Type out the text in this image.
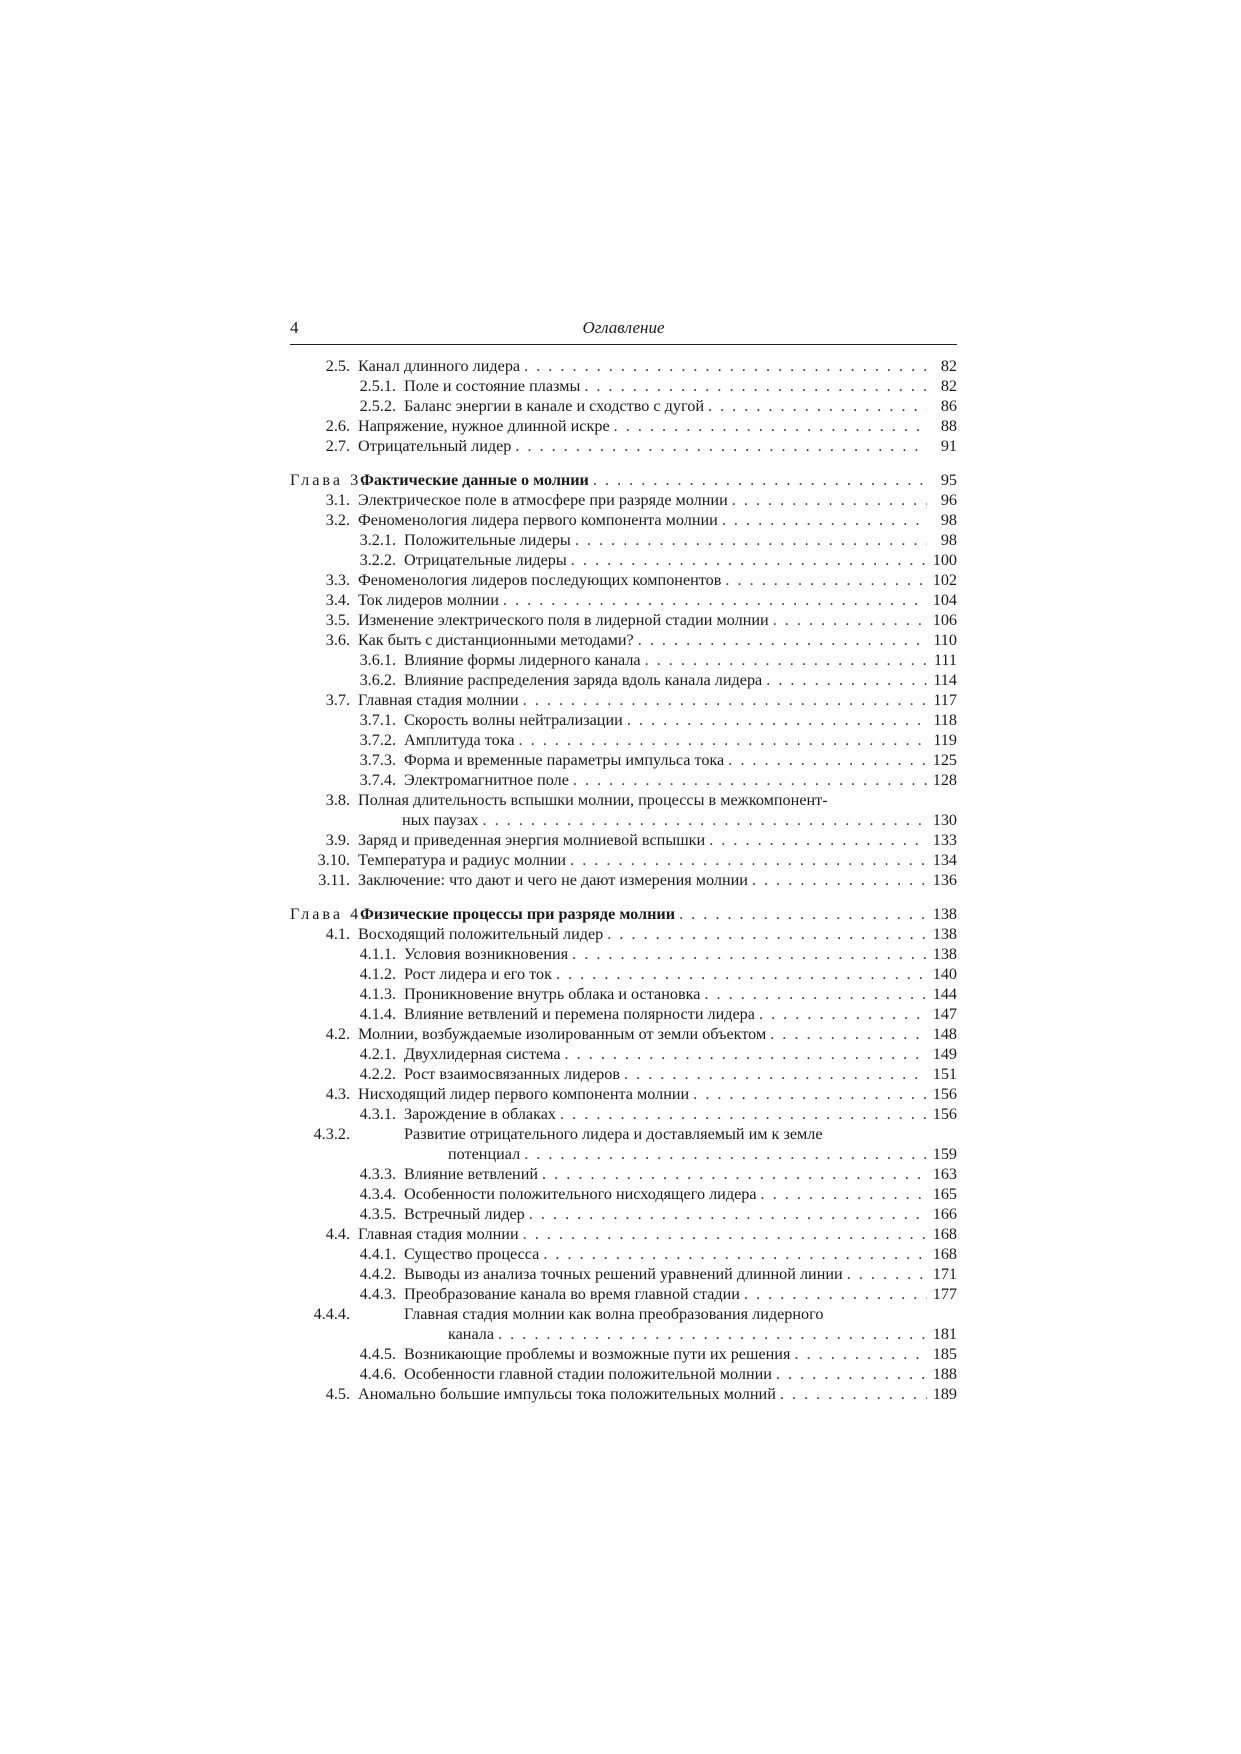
4	Оглавление
2.5. Канал длинного лидера . . .	82
2.5.1. Поле и состояние плазмы . . .	82
2.5.2. Баланс энергии в канале и сходство с дугой . . .	86
2.6. Напряжение, нужное длинной искре . . .	88
2.7. Отрицательный лидер . . .	91
Глава 3.
Фактические данные о молнии . . .	95
3.1. Электрическое поле в атмосфере при разряде молнии . . .	96
3.2. Феноменология лидера первого компонента молнии . . .	98
3.2.1. Положительные лидеры . . .	98
3.2.2. Отрицательные лидеры . . .	100
3.3. Феноменология лидеров последующих компонентов . . .	102
3.4. Ток лидеров молнии . . .	104
3.5. Изменение электрического поля в лидерной стадии молнии . . .	106
3.6. Как быть с дистанционными методами? . . .	110
3.6.1. Влияние формы лидерного канала . . .	111
3.6.2. Влияние распределения заряда вдоль канала лидера . . .	114
3.7. Главная стадия молнии . . .	117
3.7.1. Скорость волны нейтрализации . . .	118
3.7.2. Амплитуда тока . . .	119
3.7.3. Форма и временные параметры импульса тока . . .	125
3.7.4. Электромагнитное поле . . .	128
3.8. Полная длительность вспышки молнии, процессы в межкомпонент-
ных паузах . . .	130
3.9. Заряд и приведенная энергия молниевой вспышки . . .	133
3.10. Температура и радиус молнии . . .	134
3.11. Заключение: что дают и чего не дают измерения молнии . . .	136
Глава 4.
Физические процессы при разряде молнии . . .	138
4.1. Восходящий положительный лидер . . .	138
4.1.1. Условия возникновения . . .	138
4.1.2. Рост лидера и его ток . . .	140
4.1.3. Проникновение внутрь облака и остановка . . .	144
4.1.4. Влияние ветвлений и перемена полярности лидера . . .	147
4.2. Молнии, возбуждаемые изолированным от земли объектом . . .	148
4.2.1. Двухлидерная система . . .	149
4.2.2. Рост взаимосвязанных лидеров . . .	151
4.3. Нисходящий лидер первого компонента молнии . . .	156
4.3.1. Зарождение в облаках . . .	156
4.3.2.	Развитие отрицательного лидера и доставляемый им к земле
потенциал . . .	159
4.3.3. Влияние ветвлений . . .	163
4.3.4. Особенности положительного нисходящего лидера . . .	165
4.3.5. Встречный лидер . . .	166
4.4. Главная стадия молнии . . .	168
4.4.1. Существо процесса . . .	168
4.4.2. Выводы из анализа точных решений уравнений длинной линии . . .	171
4.4.3. Преобразование канала во время главной стадии . . .	177
4.4.4.	Главная стадия молнии как волна преобразования лидерного
канала . . .	181
4.4.5. Возникающие проблемы и возможные пути их решения . . .	185
4.4.6. Особенности главной стадии положительной молнии . . .	188
4.5. Аномально большие импульсы тока положительных молний . . .	189
